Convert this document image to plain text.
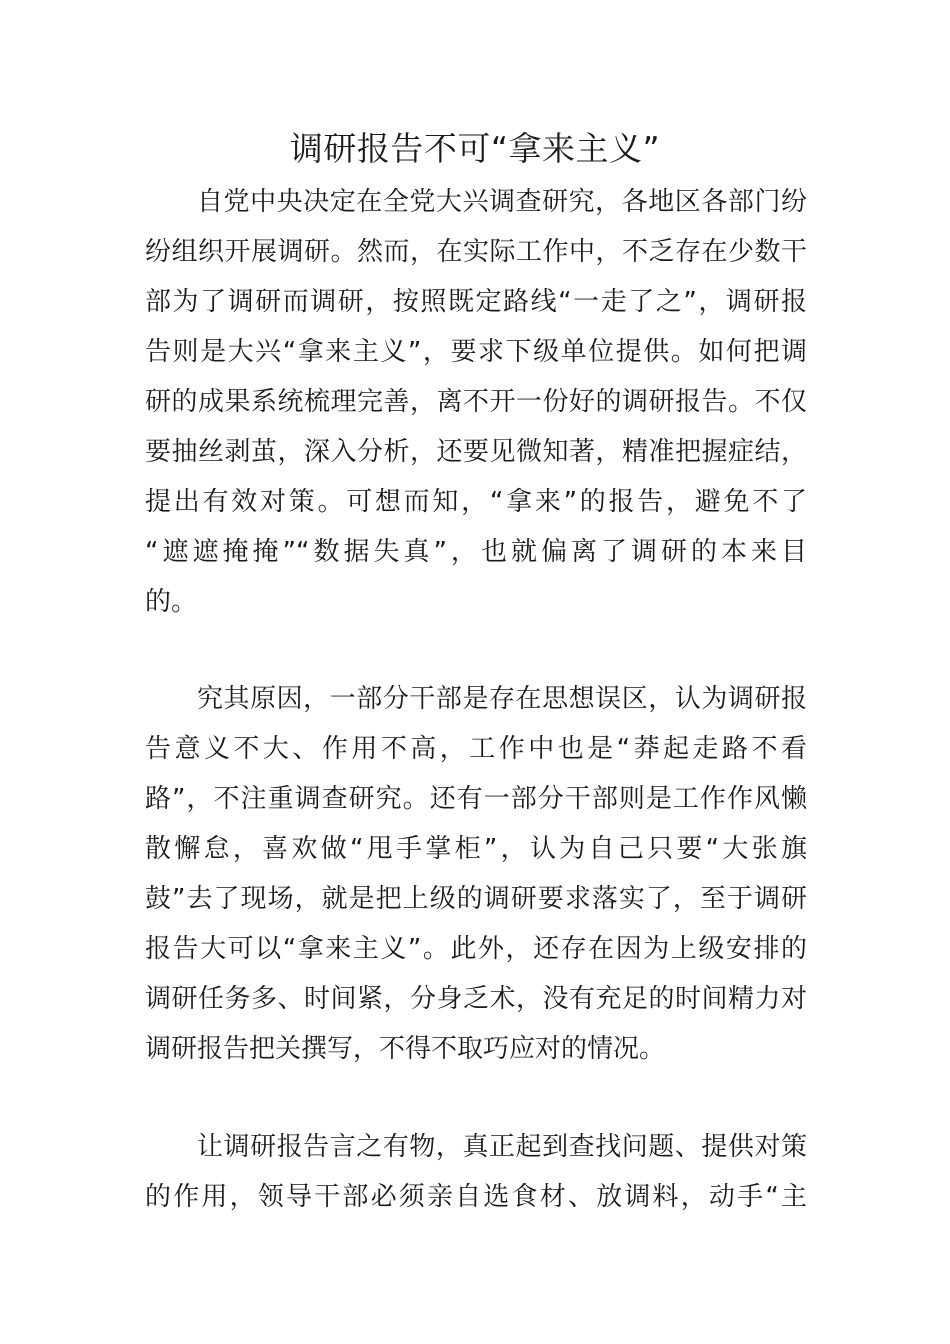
调研报告不可“拿来主义”
自党中央决定在全党大兴调查研究，各地区各部门纷
纷组织开展调研。然而，在实际工作中，不乏存在少数干
部为了调研而调研，按照既定路线“一走了之”，调研报
告则是大兴“拿来主义”，要求下级单位提供。如何把调
研的成果系统梳理完善，离不开一份好的调研报告。不仅
要抽丝剥茧，深入分析，还要见微知著，精准把握症结，
提出有效对策。可想而知，“拿来”的报告，避免不了
“遮遮掩掩”“数据失真”，也就偏离了调研的本来目
的。
究其原因，一部分干部是存在思想误区，认为调研报
告意义不大、作用不高，工作中也是“莽起走路不看
路”，不注重调查研究。还有一部分干部则是工作作风懒
散懈怠，喜欢做“甩手掌柜”，认为自己只要“大张旗
鼓”去了现场，就是把上级的调研要求落实了，至于调研
报告大可以“拿来主义”。此外，还存在因为上级安排的
调研任务多、时间紧，分身乏术，没有充足的时间精力对
调研报告把关撰写，不得不取巧应对的情况。
让调研报告言之有物，真正起到查找问题、提供对策
的作用，领导干部必须亲自选食材、放调料，动手“主
